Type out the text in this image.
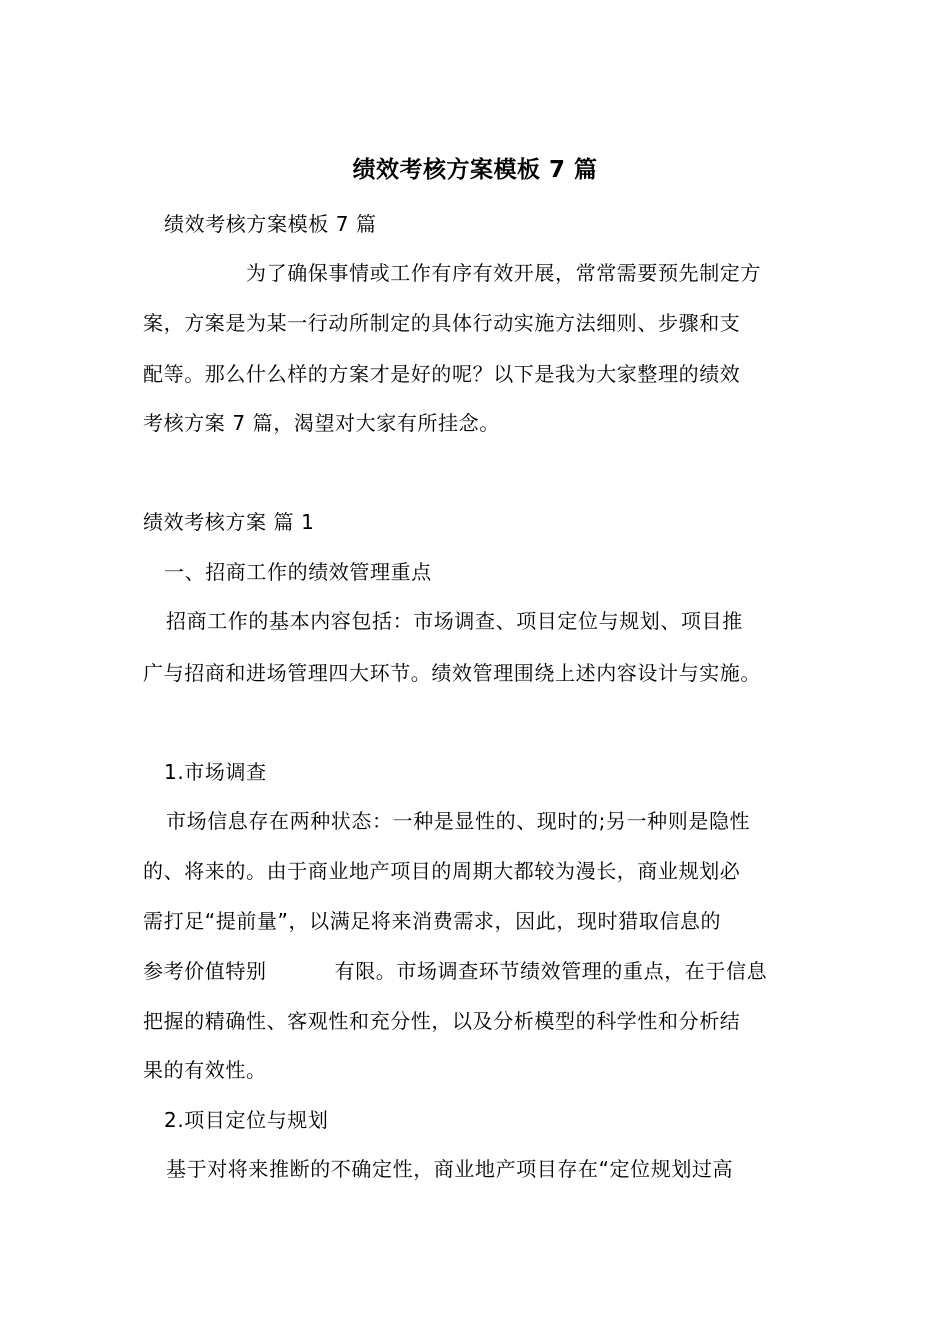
绩效考核方案模板 7 篇
绩效考核方案模板 7 篇
为了确保事情或工作有序有效开展，常常需要预先制定方
案，方案是为某一行动所制定的具体行动实施方法细则、步骤和支
配等。那么什么样的方案才是好的呢？以下是我为大家整理的绩效
考核方案 7 篇，渴望对大家有所挂念。
绩效考核方案 篇 1
一、招商工作的绩效管理重点
招商工作的基本内容包括：市场调查、项目定位与规划、项目推
广与招商和进场管理四大环节。绩效管理围绕上述内容设计与实施。
1.市场调查
市场信息存在两种状态：一种是显性的、现时的;另一种则是隐性
的、将来的。由于商业地产项目的周期大都较为漫长，商业规划必
需打足“提前量”，以满足将来消费需求，因此，现时猎取信息的
参考价值特别	有限。市场调查环节绩效管理的重点，在于信息
把握的精确性、客观性和充分性，以及分析模型的科学性和分析结
果的有效性。
2.项目定位与规划
基于对将来推断的不确定性，商业地产项目存在“定位规划过高
